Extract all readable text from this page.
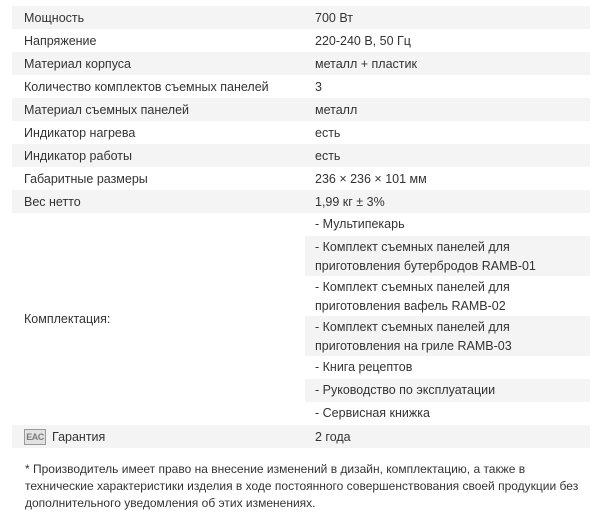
Мощность	700 Вт
Напряжение	220-240 В, 50 Гц
Материал корпуса	металл + пластик
Количество комплектов съемных панелей	3
Материал съемных панелей	металл
Индикатор нагрева	есть
Индикатор работы	есть
Габаритные размеры	236 × 236 × 101 мм
Вес нетто	1,99 кг ± 3%
Комплектация:
- Мультипекарь
- Комплект съемных панелей для приготовления бутербродов RAMB-01
- Комплект съемных панелей для приготовления вафель RAMB-02
- Комплект съемных панелей для приготовления на гриле RAMB-03
- Книга рецептов
- Руководство по эксплуатации
- Сервисная книжка
EAC Гарантия	2 года
* Производитель имеет право на внесение изменений в дизайн, комплектацию, а также в технические характеристики изделия в ходе постоянного совершенствования своей продукции без дополнительного уведомления об этих изменениях.
